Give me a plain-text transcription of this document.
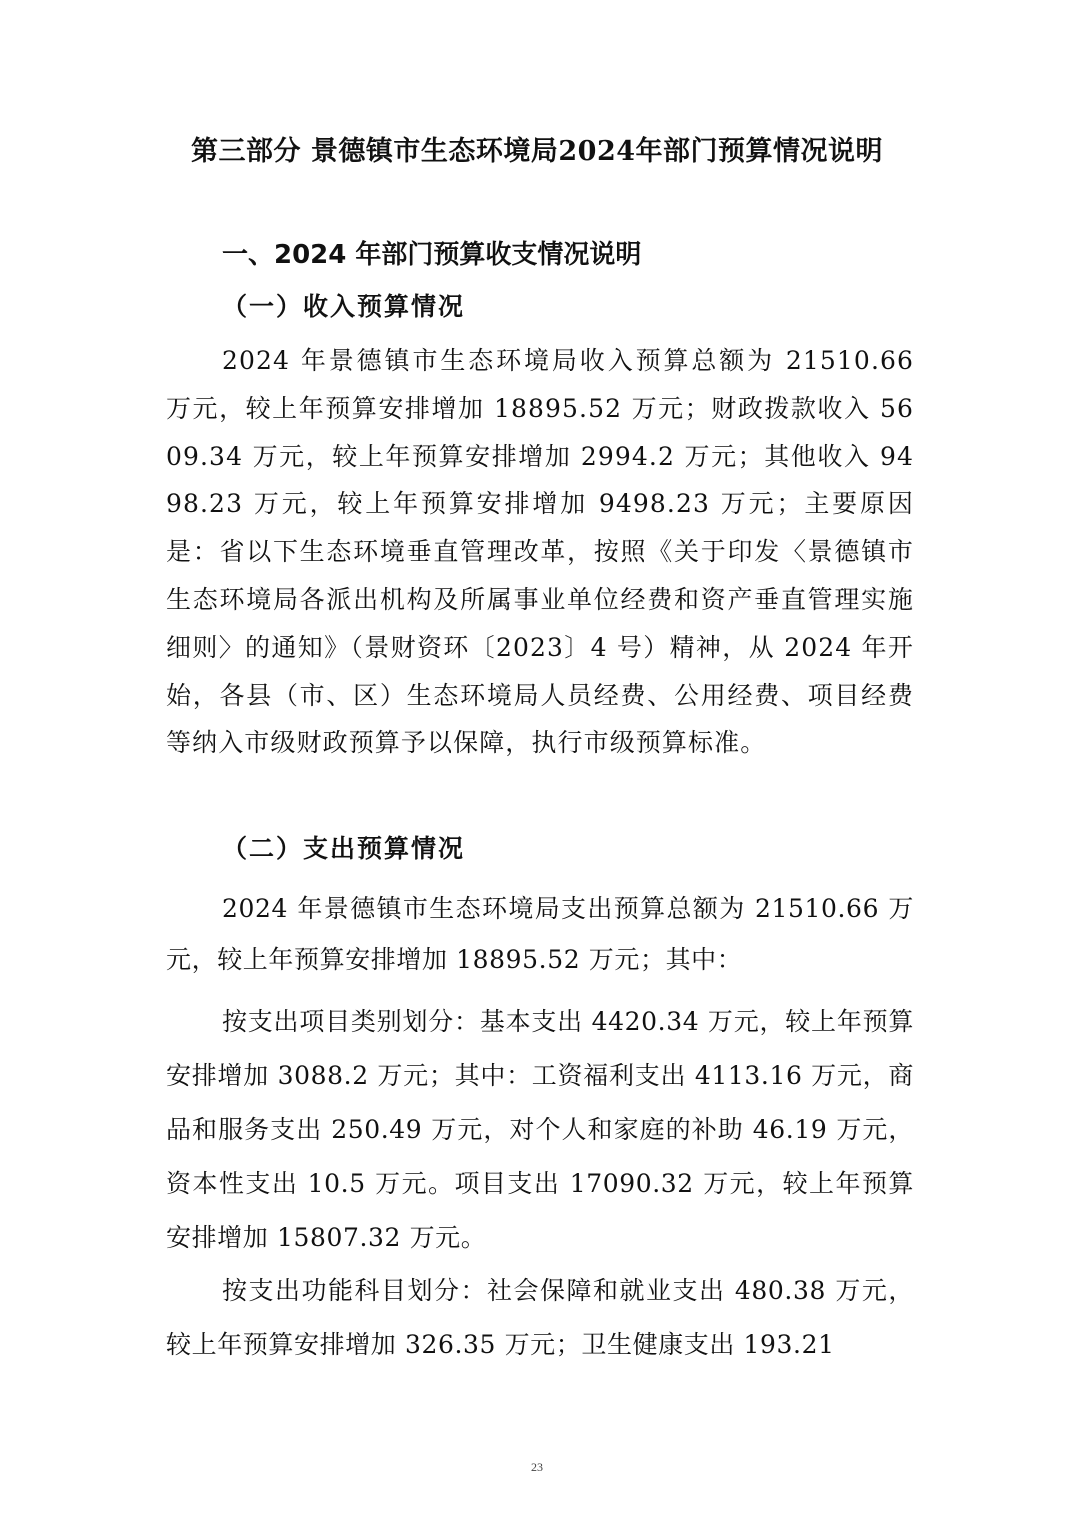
第三部分 景德镇市生态环境局2024年部门预算情况说明
一、2024 年部门预算收支情况说明
（一）收入预算情况

2024 年景德镇市生态环境局收入预算总额为 21510.66 万元，较上年预算安排增加 18895.52 万元；财政拨款收入 5609.34 万元，较上年预算安排增加 2994.2 万元；其他收入 9498.23 万元，较上年预算安排增加 9498.23 万元；主要原因是：省以下生态环境垂直管理改革，按照《关于印发〈景德镇市生态环境局各派出机构及所属事业单位经费和资产垂直管理实施细则〉的通知》（景财资环〔2023〕4 号）精神，从 2024 年开始，各县（市、区）生态环境局人员经费、公用经费、项目经费等纳入市级财政预算予以保障，执行市级预算标准。

（二）支出预算情况

2024 年景德镇市生态环境局支出预算总额为 21510.66 万元，较上年预算安排增加 18895.52 万元；其中：

按支出项目类别划分：基本支出 4420.34 万元，较上年预算安排增加 3088.2 万元；其中：工资福利支出 4113.16 万元，商品和服务支出 250.49 万元，对个人和家庭的补助 46.19 万元，资本性支出 10.5 万元。项目支出 17090.32 万元，较上年预算安排增加 15807.32 万元。

按支出功能科目划分：社会保障和就业支出 480.38 万元，较上年预算安排增加 326.35 万元；卫生健康支出 193.21

23
